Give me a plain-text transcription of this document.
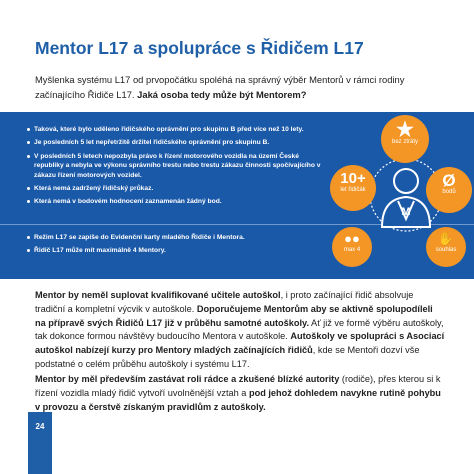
Mentor L17 a spolupráce s Řidičem L17
Myšlenka systému L17 od prvopočátku spoléhá na správný výběr Mentorů v rámci rodiny začínajícího Řidiče L17. Jaká osoba tedy může být Mentorem?
Taková, které bylo uděleno řidičského oprávnění pro skupinu B před více než 10 lety.
Je posledních 5 let nepřetržitě držitel řidičského oprávnění pro skupinu B.
V posledních 5 letech nepozbyla právo k řízení motorového vozidla na území České republiky a nebyla ve výkonu správního trestu nebo trestu zákazu činnosti spočívajícího v zákazu řízení motorových vozidel.
Která nemá zadržený řidičský průkaz.
Která nemá v bodovém hodnocení zaznamenán žádný bod.
Režim L17 se zapíše do Evidenční karty mladého Řidiče i Mentora.
Řidič L17 může mít maximálně 4 Mentory.
M
★
bez ztráty
10+
let řidičák	Ø
bodů
●●
max 4
✋
souhlas
Mentor by neměl suplovat kvalifikované učitele autoškol, i proto začínající řidič absolvuje tradiční a kompletní výcvik v autoškole. Doporučujeme Mentorům aby se aktivně spolupodíleli na přípravě svých Řidičů L17 již v průběhu samotné autoškoly. Ať již ve formě výběru autoškoly, tak dokonce formou návštěvy budoucího Mentora v autoškole. Autoškoly ve spolupráci s Asociací autoškol nabízejí kurzy pro Mentory mladých začínajících řidičů, kde se Mentoři dozví vše podstatné o celém průběhu autoškoly i systému L17.
Mentor by měl především zastávat roli rádce a zkušené blízké autority (rodiče), přes kterou si k řízení vozidla mladý řidič vytvoří uvolněnější vztah a pod jehož dohledem navykne rutině pohybu v provozu a čerstvě získaným pravidlům z autoškoly.
24
